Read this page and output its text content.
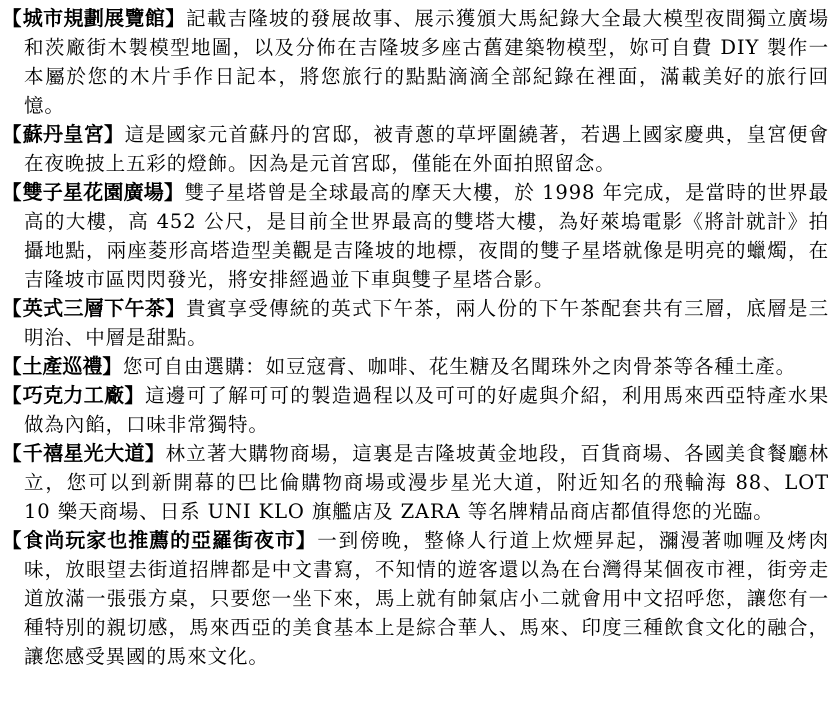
【城市規劃展覽館】記載吉隆坡的發展故事、展示獲頒大馬紀錄大全最大模型夜間獨立廣場和茨廠街木製模型地圖，以及分佈在吉隆坡多座古舊建築物模型，妳可自費 DIY 製作一本屬於您的木片手作日記本，將您旅行的點點滴滴全部紀錄在裡面，滿載美好的旅行回憶。

【蘇丹皇宮】這是國家元首蘇丹的宮邸，被青蔥的草坪圍繞著，若遇上國家慶典，皇宮便會在夜晚披上五彩的燈飾。因為是元首宮邸，僅能在外面拍照留念。

【雙子星花園廣場】雙子星塔曾是全球最高的摩天大樓，於 1998 年完成，是當時的世界最高的大樓，高 452 公尺，是目前全世界最高的雙塔大樓，為好萊塢電影《將計就計》拍攝地點，兩座菱形高塔造型美觀是吉隆坡的地標，夜間的雙子星塔就像是明亮的蠟燭，在吉隆坡市區閃閃發光，將安排經過並下車與雙子星塔合影。

【英式三層下午茶】貴賓享受傳統的英式下午茶，兩人份的下午茶配套共有三層，底層是三明治、中層是甜點。

【土產巡禮】您可自由選購：如豆寇膏、咖啡、花生糖及名聞珠外之肉骨茶等各種土產。

【巧克力工廠】這邊可了解可可的製造過程以及可可的好處與介紹，利用馬來西亞特產水果做為內餡，口味非常獨特。

【千禧星光大道】林立著大購物商場，這裏是吉隆坡黃金地段，百貨商場、各國美食餐廳林立，您可以到新開幕的巴比倫購物商場或漫步星光大道，附近知名的飛輪海 88、LOT 10 樂天商場、日系 UNI KLO 旗艦店及 ZARA 等名牌精品商店都值得您的光臨。

【食尚玩家也推薦的亞羅街夜市】一到傍晚，整條人行道上炊煙昇起，瀰漫著咖喱及烤肉味，放眼望去街道招牌都是中文書寫，不知情的遊客還以為在台灣得某個夜市裡，街旁走道放滿一張張方桌，只要您一坐下來，馬上就有帥氣店小二就會用中文招呼您，讓您有一種特別的親切感，馬來西亞的美食基本上是綜合華人、馬來、印度三種飲食文化的融合，讓您感受異國的馬來文化。
